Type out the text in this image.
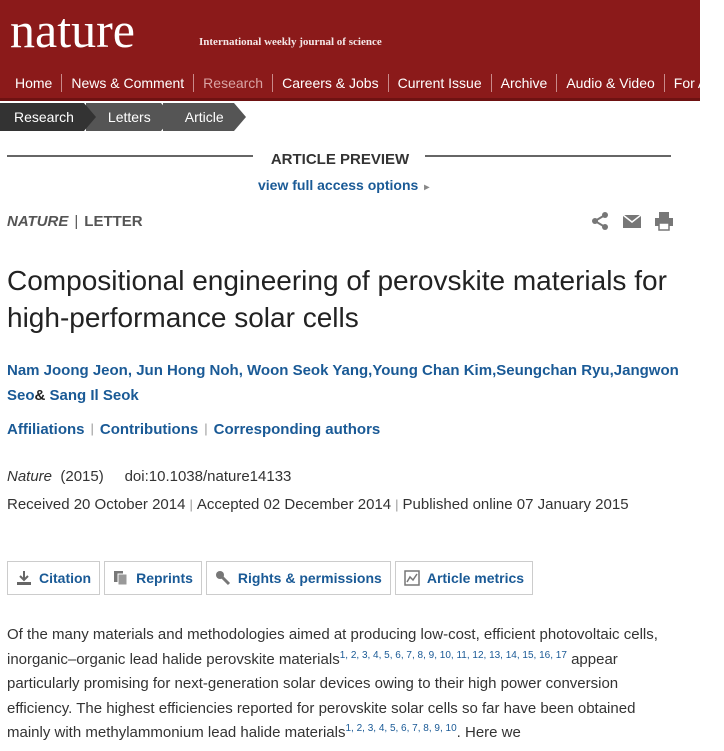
nature	International weekly journal of science
Home	News & Comment	Research	Careers & Jobs	Current Issue	Archive	Audio & Video	For Au
Research	Letters	Article
ARTICLE PREVIEW
view full access options ▸
NATURE | LETTER
Compositional engineering of perovskite materials for high-performance solar cells
Nam Joong Jeon, Jun Hong Noh, Woon Seok Yang,Young Chan Kim,Seungchan Ryu,Jangwon Seo& Sang Il Seok
Affiliations | Contributions | Corresponding authors
Nature (2015) doi:10.1038/nature14133
Received 20 October 2014 | Accepted 02 December 2014 | Published online 07 January 2015
Citation	Reprints	Rights & permissions	Article metrics
Of the many materials and methodologies aimed at producing low-cost, efficient photovoltaic cells, inorganic–organic lead halide perovskite materials$^{1, 2, 3, 4, 5, 6, 7, 8, 9, 10, 11, 12, 13, 14, 15, 16, 17}$ appear particularly promising for next-generation solar devices owing to their high power conversion efficiency. The highest efficiencies reported for perovskite solar cells so far have been obtained mainly with methylammonium lead halide materials$^{1, 2, 3, 4, 5, 6, 7, 8, 9, 10}$. Here we
